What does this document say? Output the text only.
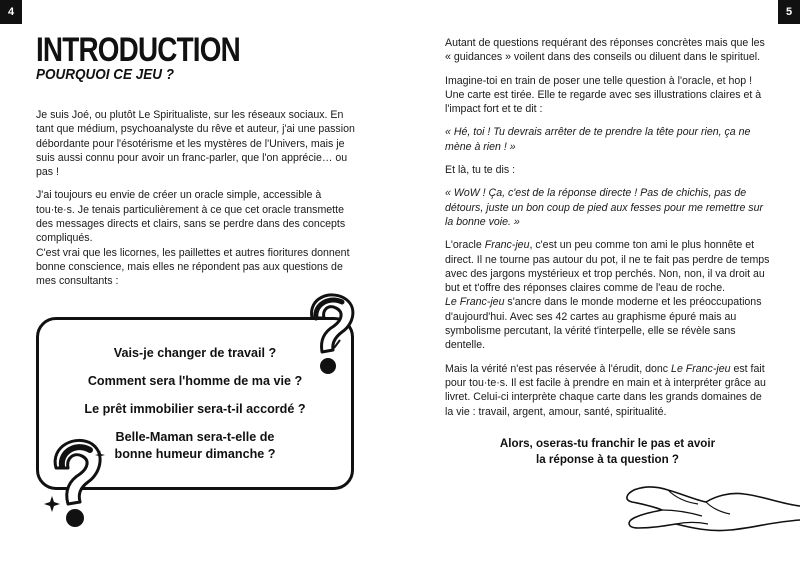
4
INTRODUCTION
POURQUOI CE JEU ?

Je suis Joé, ou plutôt Le Spiritualiste, sur les réseaux sociaux. En tant que médium, psychoanalyste du rêve et auteur, j'ai une passion débordante pour l'ésotérisme et les mystères de l'Univers, mais je suis aussi connu pour avoir un franc-parler, que l'on apprécie… ou pas !

J'ai toujours eu envie de créer un oracle simple, accessible à tou·te·s. Je tenais particulièrement à ce que cet oracle transmette des messages directs et clairs, sans se perdre dans des concepts compliqués.

C'est vrai que les licornes, les paillettes et autres fioritures donnent bonne conscience, mais elles ne répondent pas aux questions de mes consultants :

Vais-je changer de travail ?
Comment sera l'homme de ma vie ?
Le prêt immobilier sera-t-il accordé ?
Belle-Maman sera-t-elle de
bonne humeur dimanche ?
5

Autant de questions requérant des réponses concrètes mais que les « guidances » voilent dans des conseils ou diluent dans le spirituel.

Imagine-toi en train de poser une telle question à l'oracle, et hop ! Une carte est tirée. Elle te regarde avec ses illustrations claires et à l'impact fort et te dit :

« Hé, toi ! Tu devrais arrêter de te prendre la tête pour rien, ça ne mène à rien ! »

Et là, tu te dis :

« WoW ! Ça, c'est de la réponse directe ! Pas de chichis, pas de détours, juste un bon coup de pied aux fesses pour me remettre sur la bonne voie. »

L'oracle Franc-jeu, c'est un peu comme ton ami le plus honnête et direct. Il ne tourne pas autour du pot, il ne te fait pas perdre de temps avec des jargons mystérieux et trop perchés. Non, non, il va droit au but et t'offre des réponses claires comme de l'eau de roche.

Le Franc-jeu s'ancre dans le monde moderne et les préoccupations d'aujourd'hui. Avec ses 42 cartes au graphisme épuré mais au symbolisme percutant, la vérité t'interpelle, elle se révèle sans dentelle.

Mais la vérité n'est pas réservée à l'érudit, donc Le Franc-jeu est fait pour tou·te·s. Il est facile à prendre en main et à interpréter grâce au livret. Celui-ci interprète chaque carte dans les grands domaines de la vie : travail, argent, amour, santé, spiritualité.

Alors, oseras-tu franchir le pas et avoir
la réponse à ta question ?
